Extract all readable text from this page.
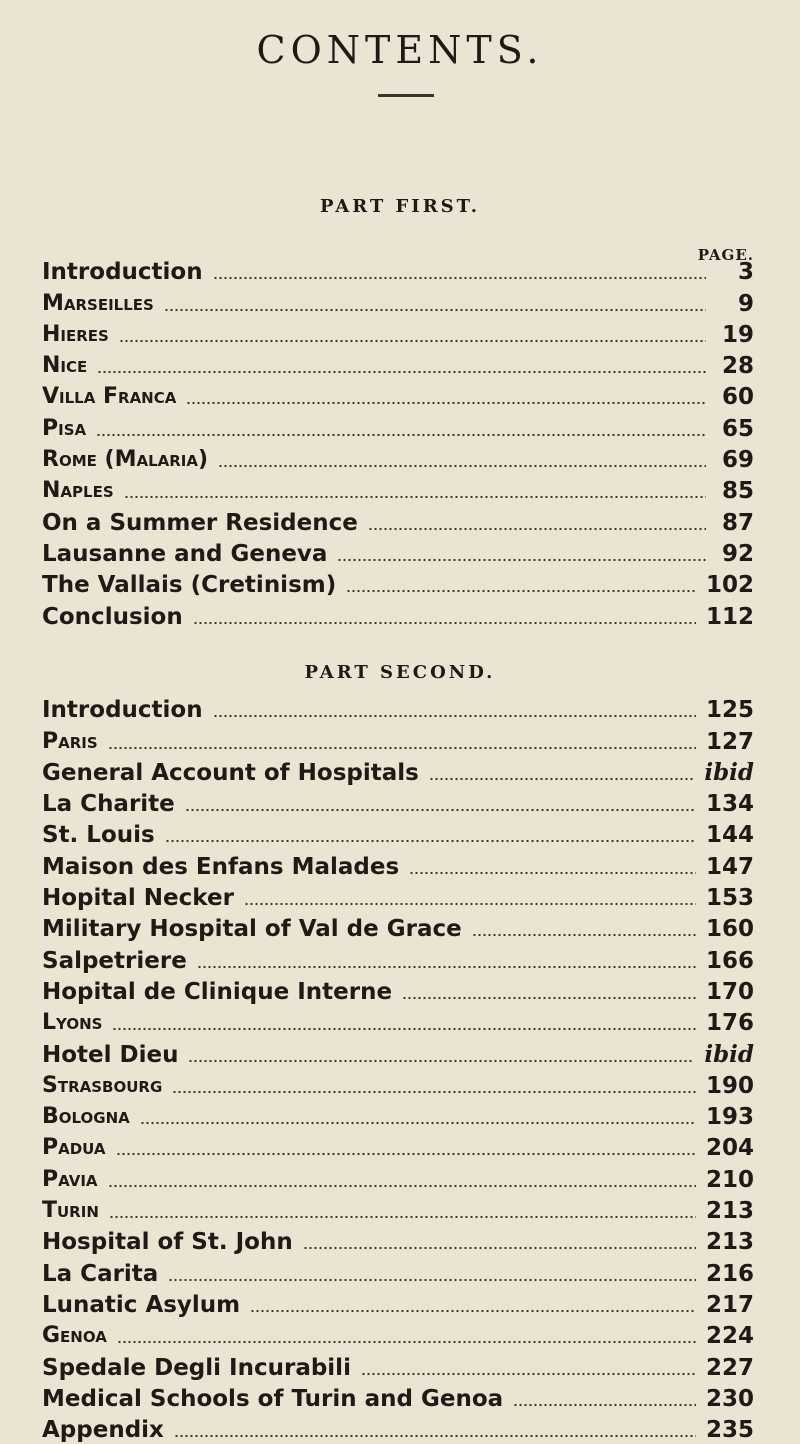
CONTENTS.
PART FIRST.
PAGE.
Introduction	3
Marseilles	9
Hieres	19
Nice	28
Villa Franca	60
Pisa	65
Rome (Malaria)	69
Naples	85
On a Summer Residence	87
Lausanne and Geneva	92
The Vallais (Cretinism)	102
Conclusion	112
PART SECOND.
Introduction	125
Paris	127
General Account of Hospitals	ibid
La Charite	134
St. Louis	144
Maison des Enfans Malades	147
Hopital Necker	153
Military Hospital of Val de Grace	160
Salpetriere	166
Hopital de Clinique Interne	170
Lyons	176
Hotel Dieu	ibid
Strasbourg	190
Bologna	193
Padua	204
Pavia	210
Turin	213
Hospital of St. John	213
La Carita	216
Lunatic Asylum	217
Genoa	224
Spedale Degli Incurabili	227
Medical Schools of Turin and Genoa	230
Appendix	235
